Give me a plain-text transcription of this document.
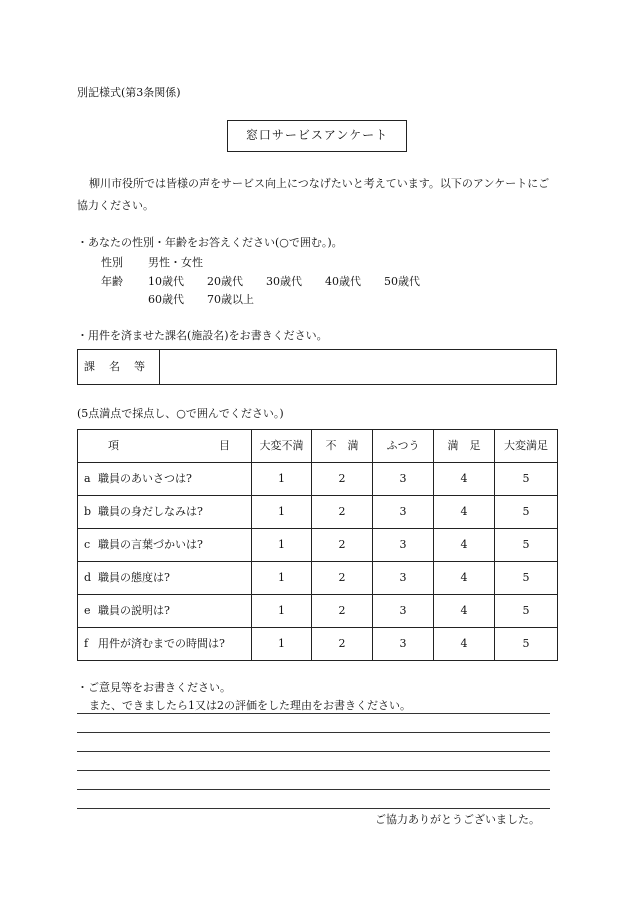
別記様式(第3条関係)
窓口サービスアンケート
柳川市役所では皆様の声をサービス向上につなげたいと考えています。以下のアンケートにご協力ください。
・あなたの性別・年齢をお答えください(○で囲む。)。
性別 男性・女性
年齢 10歳代 20歳代 30歳代 40歳代 50歳代
60歳代 70歳以上
・用件を済ませた課名(施設名)をお書きください。
課名等
(5点満点で採点し、○で囲んでください。)
項 目	大変不満	不　満	ふつう	満　足	大変満足
a 職員のあいさつは?	1	2	3	4	5
b 職員の身だしなみは?	1	2	3	4	5
c 職員の言葉づかいは?	1	2	3	4	5
d 職員の態度は?	1	2	3	4	5
e 職員の説明は?	1	2	3	4	5
f 用件が済むまでの時間は?	1	2	3	4	5
・ご意見等をお書きください。
また、できましたら1又は2の評価をした理由をお書きください。
ご協力ありがとうございました。
